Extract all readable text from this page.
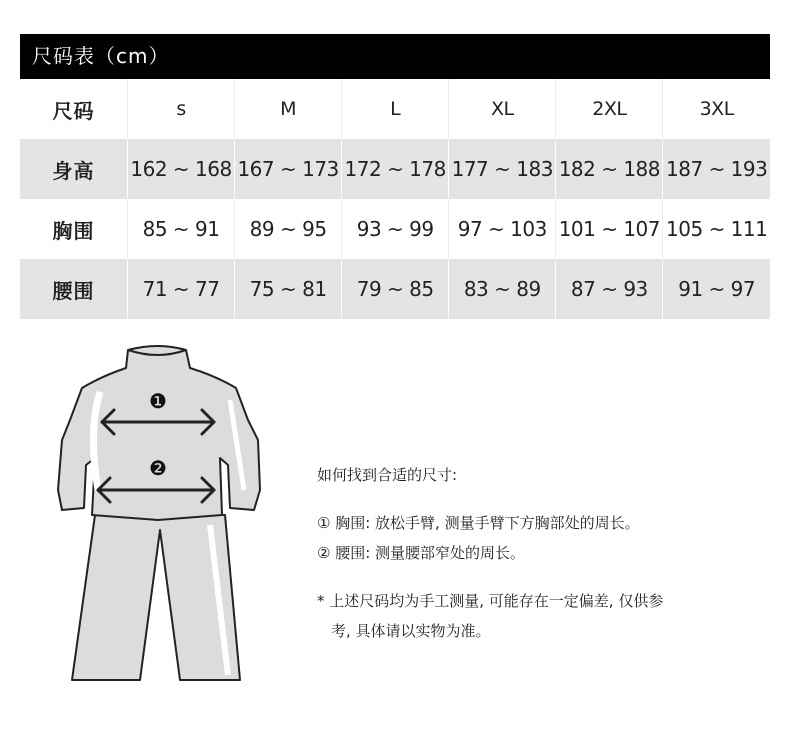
尺码表（cm）
尺码	s	M	L	XL	2XL	3XL
身高	162 ~ 168	167 ~ 173	172 ~ 178	177 ~ 183	182 ~ 188	187 ~ 193
胸围	85 ~ 91	89 ~ 95	93 ~ 99	97 ~ 103	101 ~ 107	105 ~ 111
腰围	71 ~ 77	75 ~ 81	79 ~ 85	83 ~ 89	87 ~ 93	91 ~ 97
❶
❷	如何找到合适的尺寸:

① 胸围: 放松手臂, 测量手臂下方胸部处的周长。

② 腰围: 测量腰部窄处的周长。

* 上述尺码均为手工测量, 可能存在一定偏差, 仅供参

考, 具体请以实物为准。
